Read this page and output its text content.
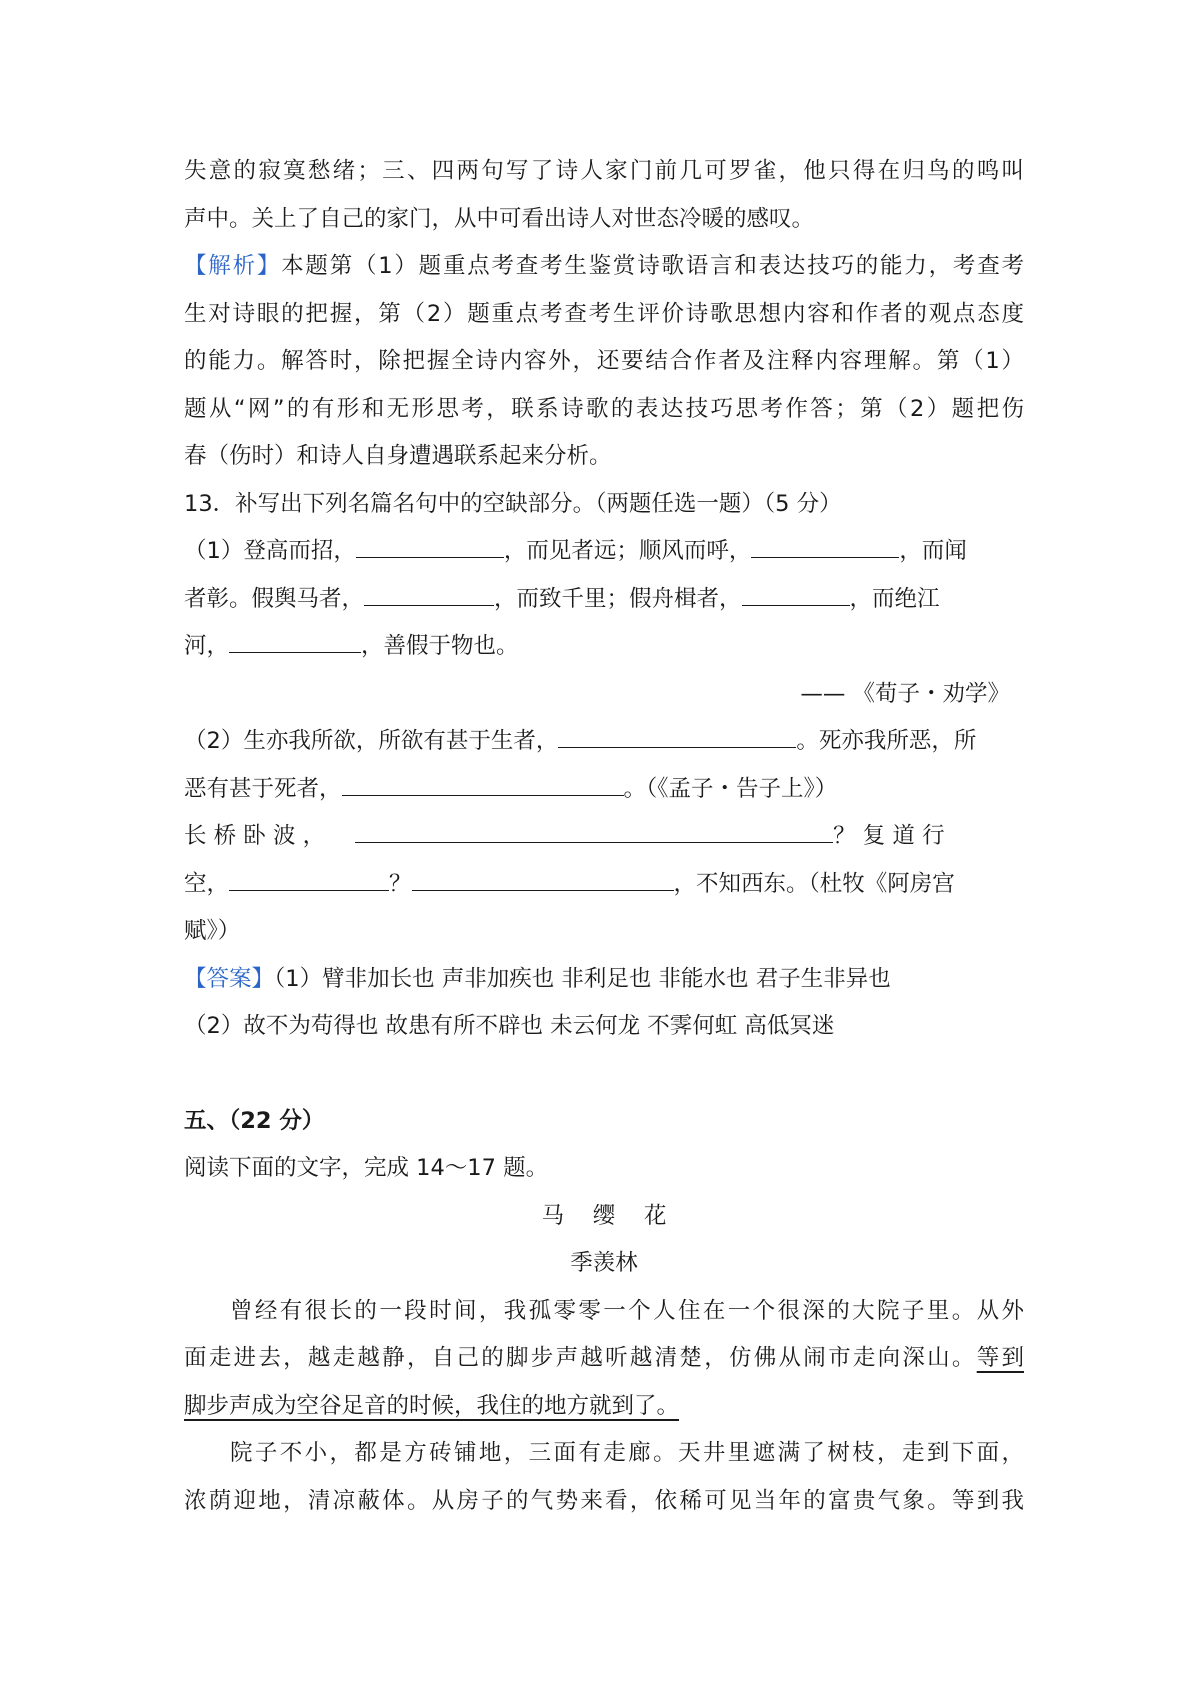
失意的寂寞愁绪；三、四两句写了诗人家门前几可罗雀，他只得在归鸟的鸣叫
声中。关上了自己的家门，从中可看出诗人对世态冷暖的感叹。
【解析】本题第（1）题重点考查考生鉴赏诗歌语言和表达技巧的能力，考查考
生对诗眼的把握，第（2）题重点考查考生评价诗歌思想内容和作者的观点态度
的能力。解答时，除把握全诗内容外，还要结合作者及注释内容理解。第（1）
题从“网”的有形和无形思考，联系诗歌的表达技巧思考作答；第（2）题把伤
春（伤时）和诗人自身遭遇联系起来分析。
13．补写出下列名篇名句中的空缺部分。（两题任选一题）（5 分）
（1）登高而招，	，而见者远；顺风而呼，	，而闻
者彰。假舆马者，	，而致千里；假舟楫者，	，而绝江
河，	，善假于物也。
—— 《荀子・劝学》
（2）生亦我所欲，所欲有甚于生者，	。死亦我所恶，所
恶有甚于死者，	。（《孟子・告子上》）
长 桥 卧 波 ，	？ 复 道 行
空，	？	，不知西东。（杜牧《阿房宫
赋》）
【答案】（1）臂非加长也 声非加疾也 非利足也 非能水也 君子生非异也
（2）故不为苟得也 故患有所不辟也 未云何龙 不霁何虹 高低冥迷
五、（22 分）
阅读下面的文字，完成 14～17 题。
马    缨    花
季羡林
曾经有很长的一段时间，我孤零零一个人住在一个很深的大院子里。从外
面走进去，越走越静，自己的脚步声越听越清楚，仿佛从闹市走向深山。等到
脚步声成为空谷足音的时候，我住的地方就到了。
院子不小，都是方砖铺地，三面有走廊。天井里遮满了树枝，走到下面，
浓荫迎地，清凉蔽体。从房子的气势来看，依稀可见当年的富贵气象。等到我
